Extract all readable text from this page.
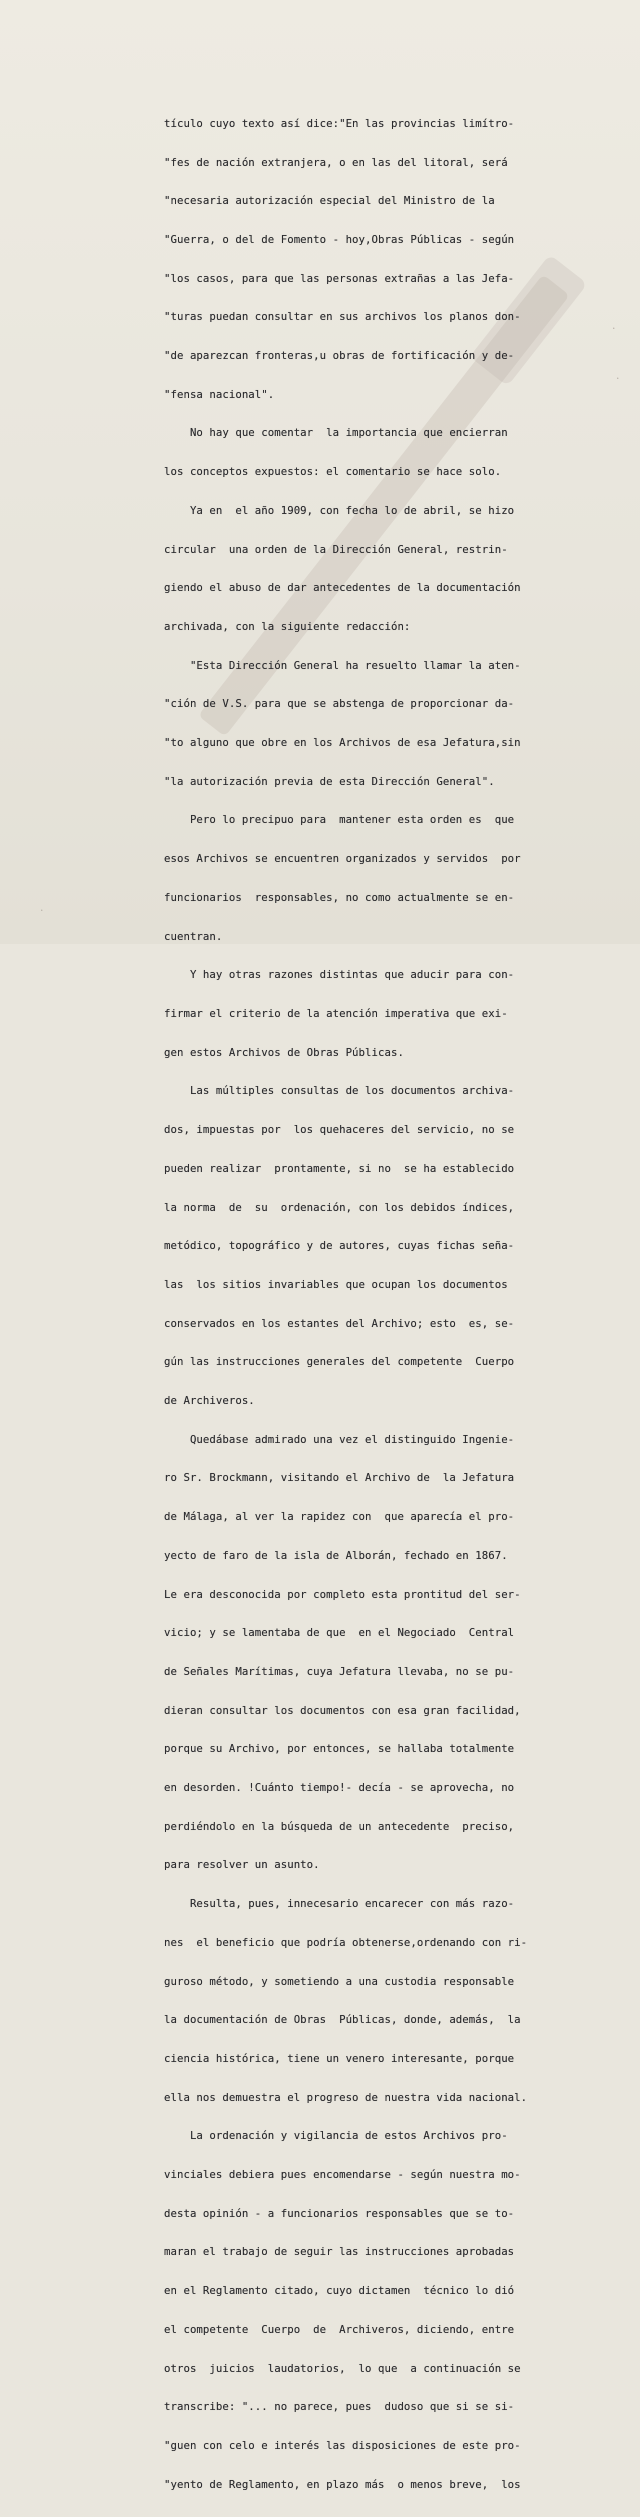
·
·
·

tículo cuyo texto así dice:"En las provincias limítro-

"fes de nación extranjera, o en las del litoral, será

"necesaria autorización especial del Ministro de la

"Guerra, o del de Fomento - hoy,Obras Públicas - según

"los casos, para que las personas extrañas a las Jefa-

"turas puedan consultar en sus archivos los planos don-

"de aparezcan fronteras,u obras de fortificación y de-

"fensa nacional".

No hay que comentar  la importancia que encierran

los conceptos expuestos: el comentario se hace solo.

Ya en  el año 1909, con fecha lo de abril, se hizo

circular  una orden de la Dirección General, restrin-

giendo el abuso de dar antecedentes de la documentación

archivada, con la siguiente redacción:

"Esta Dirección General ha resuelto llamar la aten-

"ción de V.S. para que se abstenga de proporcionar da-

"to alguno que obre en los Archivos de esa Jefatura,sin

"la autorización previa de esta Dirección General".

Pero lo precipuo para  mantener esta orden es  que

esos Archivos se encuentren organizados y servidos  por

funcionarios  responsables, no como actualmente se en-

cuentran.

Y hay otras razones distintas que aducir para con-

firmar el criterio de la atención imperativa que exi-

gen estos Archivos de Obras Públicas.

Las múltiples consultas de los documentos archiva-

dos, impuestas por  los quehaceres del servicio, no se

pueden realizar  prontamente, si no  se ha establecido

la norma  de  su  ordenación, con los debidos índices,

metódico, topográfico y de autores, cuyas fichas seña-

las  los sitios invariables que ocupan los documentos

conservados en los estantes del Archivo; esto  es, se-

gún las instrucciones generales del competente  Cuerpo

de Archiveros.

Quedábase admirado una vez el distinguido Ingenie-

ro Sr. Brockmann, visitando el Archivo de  la Jefatura

de Málaga, al ver la rapidez con  que aparecía el pro-

yecto de faro de la isla de Alborán, fechado en 1867.

Le era desconocida por completo esta prontitud del ser-

vicio; y se lamentaba de que  en el Negociado  Central

de Señales Marítimas, cuya Jefatura llevaba, no se pu-

dieran consultar los documentos con esa gran facilidad,

porque su Archivo, por entonces, se hallaba totalmente

en desorden. !Cuánto tiempo!- decía - se aprovecha, no

perdiéndolo en la búsqueda de un antecedente  preciso,

para resolver un asunto.

Resulta, pues, innecesario encarecer con más razo-

nes  el beneficio que podría obtenerse,ordenando con ri-

guroso método, y sometiendo a una custodia responsable

la documentación de Obras  Públicas, donde, además,  la

ciencia histórica, tiene un venero interesante, porque

ella nos demuestra el progreso de nuestra vida nacional.

La ordenación y vigilancia de estos Archivos pro-

vinciales debiera pues encomendarse - según nuestra mo-

desta opinión - a funcionarios responsables que se to-

maran el trabajo de seguir las instrucciones aprobadas

en el Reglamento citado, cuyo dictamen  técnico lo dió

el competente  Cuerpo  de  Archiveros, diciendo, entre

otros  juicios  laudatorios,  lo que  a continuación se

transcribe: "... no parece, pues  dudoso que si se si-

"guen con celo e interés las disposiciones de este pro-

"yento de Reglamento, en plazo más  o menos breve,  los
